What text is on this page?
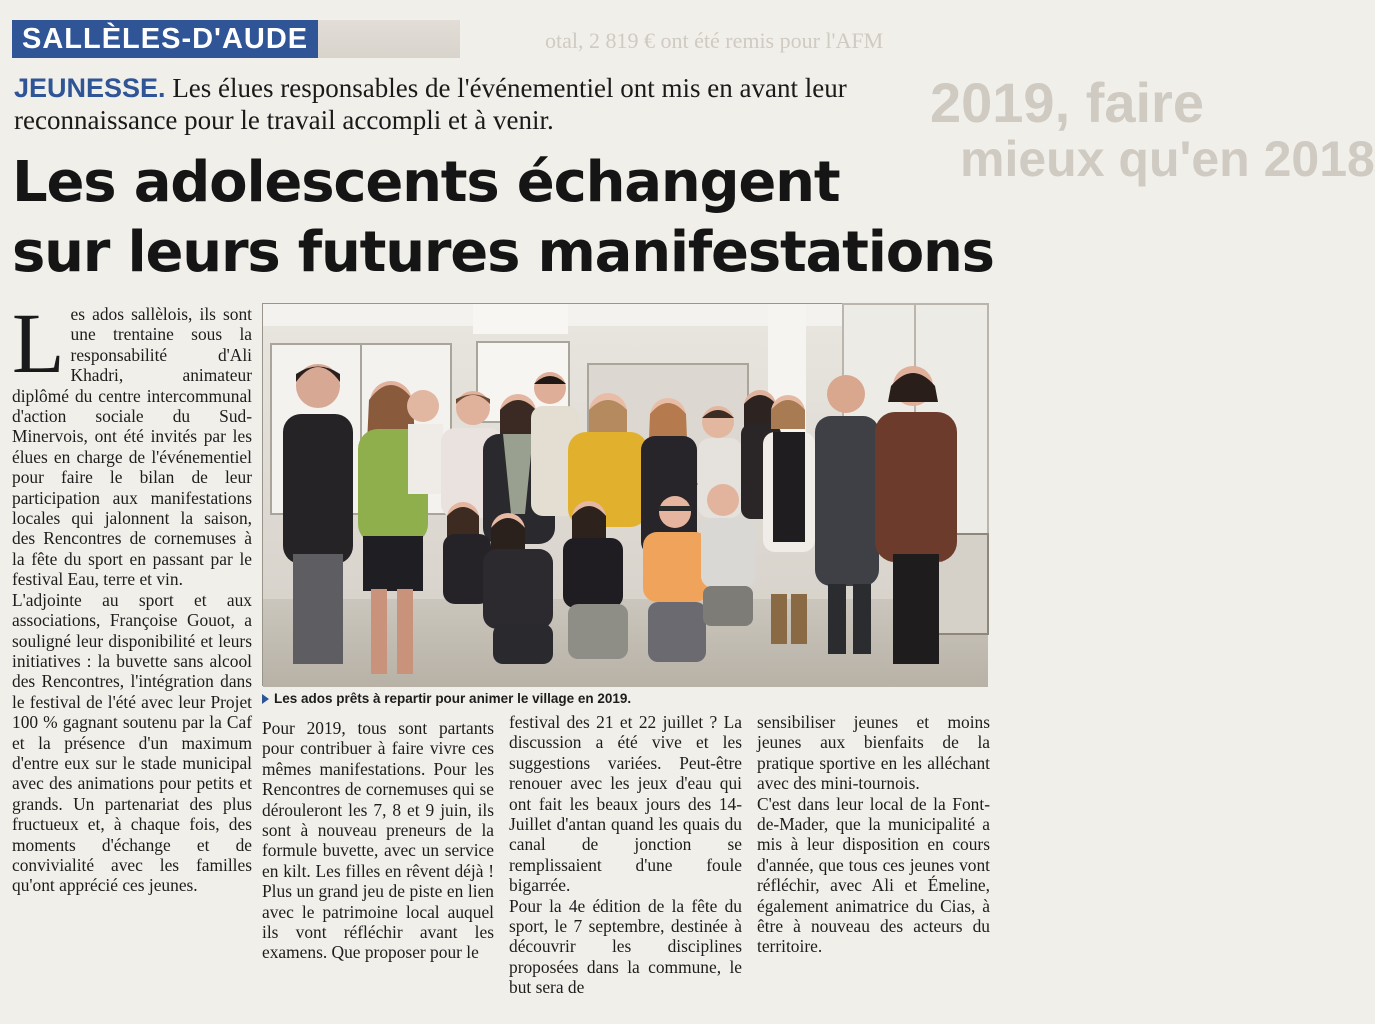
otal, 2 819 € ont été remis pour l'AFM
2019, faire
mieux qu'en 2018
SALLÈLES-D'AUDE
JEUNESSE. Les élues responsables de l'événementiel ont mis en avant leur reconnaissance pour le travail accompli et à venir.
Les adolescents échangent
sur leurs futures manifestations
L es ados sallèlois, ils sont une trentaine sous la responsabilité d'Ali Khadri, animateur diplômé du centre intercommunal d'action sociale du Sud-Minervois, ont été invités par les élues en charge de l'événementiel pour faire le bilan de leur participation aux manifestations locales qui jalonnent la saison, des Rencontres de cornemuses à la fête du sport en passant par le festival Eau, terre et vin.

L'adjointe au sport et aux associations, Françoise Gouot, a souligné leur disponibilité et leurs initiatives : la buvette sans alcool des Rencontres, l'intégration dans le festival de l'été avec leur Projet 100 % gagnant soutenu par la Caf et la présence d'un maximum d'entre eux sur le stade municipal avec des animations pour petits et grands. Un partenariat des plus fructueux et, à chaque fois, des moments d'échange et de convivialité avec les familles qu'ont apprécié ces jeunes.

Les ados prêts à repartir pour animer le village en 2019.

Pour 2019, tous sont partants pour contribuer à faire vivre ces mêmes manifestations. Pour les Rencontres de cornemuses qui se dérouleront les 7, 8 et 9 juin, ils sont à nouveau preneurs de la formule buvette, avec un service en kilt. Les filles en rêvent déjà ! Plus un grand jeu de piste en lien avec le patrimoine local auquel ils vont réfléchir avant les examens. Que proposer pour le

festival des 21 et 22 juillet ? La discussion a été vive et les suggestions variées. Peut-être renouer avec les jeux d'eau qui ont fait les beaux jours des 14-Juillet d'antan quand les quais du canal de jonction se remplissaient d'une foule bigarrée.

Pour la 4e édition de la fête du sport, le 7 septembre, destinée à découvrir les disciplines proposées dans la commune, le but sera de

sensibiliser jeunes et moins jeunes aux bienfaits de la pratique sportive en les alléchant avec des mini-tournois.

C'est dans leur local de la Font-de-Mader, que la municipalité a mis à leur disposition en cours d'année, que tous ces jeunes vont réfléchir, avec Ali et Émeline, également animatrice du Cias, à être à nouveau des acteurs du territoire.
